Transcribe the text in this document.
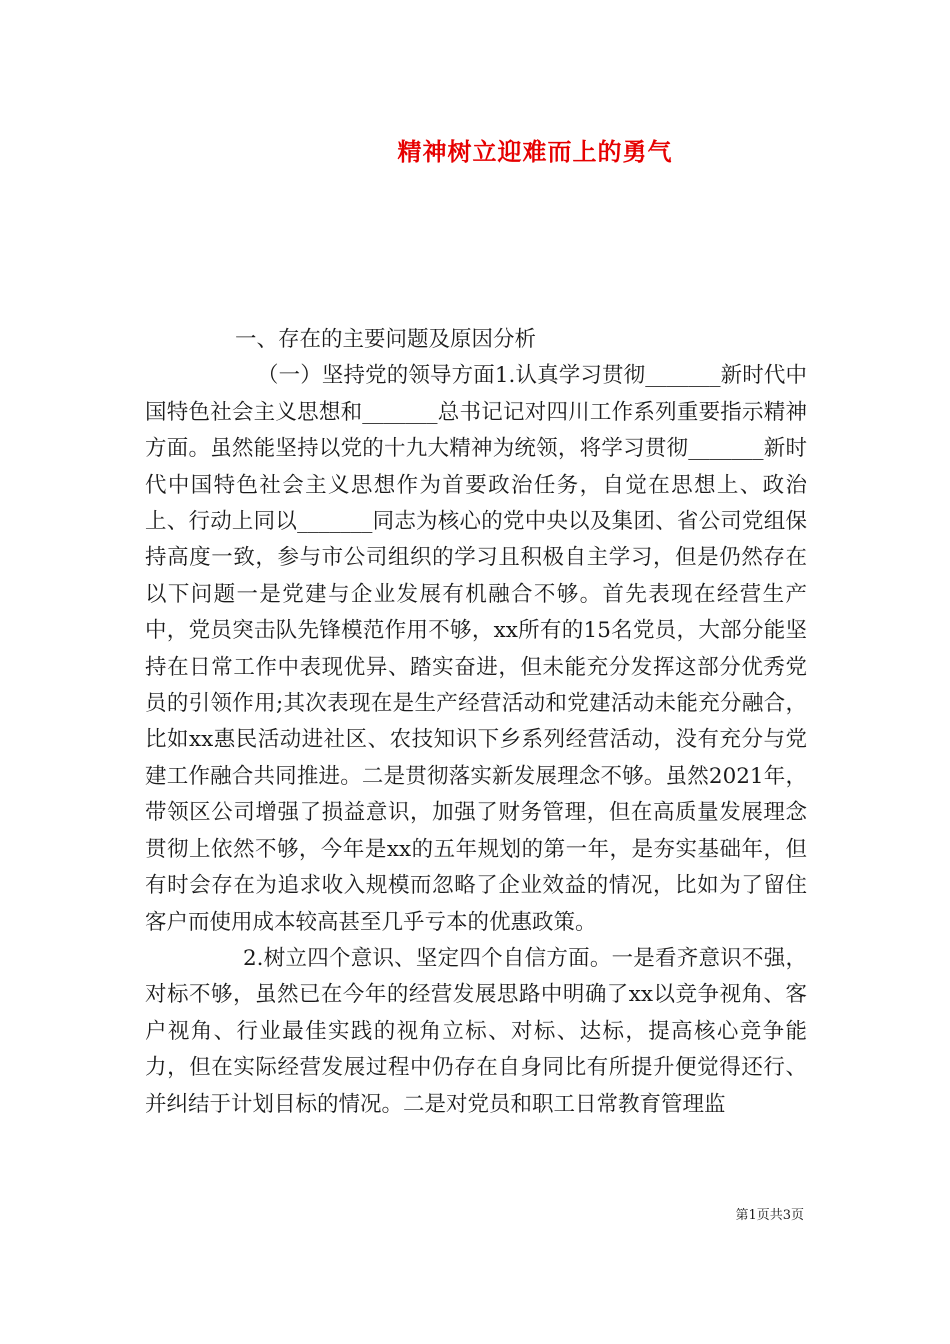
精神树立迎难而上的勇气

一、存在的主要问题及原因分析

（一）坚持党的领导方面1.认真学习贯彻_______新时代中国特色社会主义思想和_______总书记记对四川工作系列重要指示精神方面。虽然能坚持以党的十九大精神为统领，将学习贯彻_______新时代中国特色社会主义思想作为首要政治任务，自觉在思想上、政治上、行动上同以_______同志为核心的党中央以及集团、省公司党组保持高度一致，参与市公司组织的学习且积极自主学习，但是仍然存在以下问题一是党建与企业发展有机融合不够。首先表现在经营生产中，党员突击队先锋模范作用不够，xx所有的15名党员，大部分能坚持在日常工作中表现优异、踏实奋进，但未能充分发挥这部分优秀党员的引领作用;其次表现在是生产经营活动和党建活动未能充分融合，比如xx惠民活动进社区、农技知识下乡系列经营活动，没有充分与党建工作融合共同推进。二是贯彻落实新发展理念不够。虽然2021年，带领区公司增强了损益意识，加强了财务管理，但在高质量发展理念贯彻上依然不够，今年是xx的五年规划的第一年，是夯实基础年，但有时会存在为追求收入规模而忽略了企业效益的情况，比如为了留住客户而使用成本较高甚至几乎亏本的优惠政策。

2.树立四个意识、坚定四个自信方面。一是看齐意识不强，对标不够，虽然已在今年的经营发展思路中明确了xx以竞争视角、客户视角、行业最佳实践的视角立标、对标、达标，提高核心竞争能力，但在实际经营发展过程中仍存在自身同比有所提升便觉得还行、并纠结于计划目标的情况。二是对党员和职工日常教育管理监

第1页共3页
